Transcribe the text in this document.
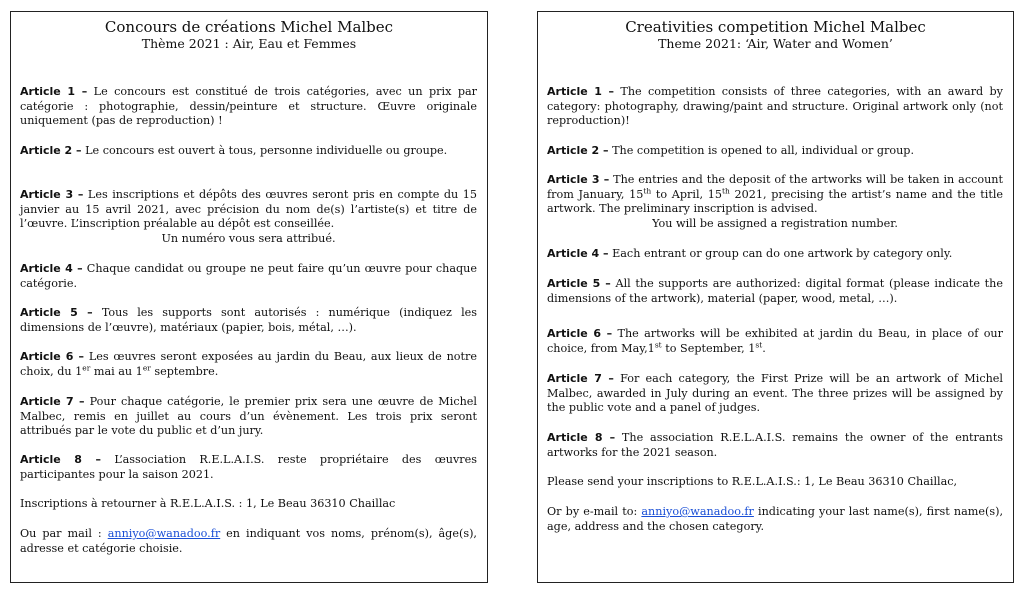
Concours de créations Michel Malbec
Thème 2021 : Air, Eau et Femmes

Article 1 – Le concours est constitué de trois catégories, avec un prix par catégorie : photographie, dessin/peinture et structure. Œuvre originale uniquement (pas de reproduction) !

Article 2 – Le concours est ouvert à tous, personne individuelle ou groupe.

Article 3 – Les inscriptions et dépôts des œuvres seront pris en compte du 15 janvier au 15 avril 2021, avec précision du nom de(s) l’artiste(s) et titre de l’œuvre. L’inscription préalable au dépôt est conseillée.
Un numéro vous sera attribué.

Article 4 – Chaque candidat ou groupe ne peut faire qu’un œuvre pour chaque catégorie.

Article 5 – Tous les supports sont autorisés : numérique (indiquez les dimensions de l’œuvre), matériaux (papier, bois, métal, …).

Article 6 – Les œuvres seront exposées au jardin du Beau, aux lieux de notre choix, du 1er mai au 1er septembre.

Article 7 – Pour chaque catégorie, le premier prix sera une œuvre de Michel Malbec, remis en juillet au cours d’un évènement. Les trois prix seront attribués par le vote du public et d’un jury.

Article 8 – L’association R.E.L.A.I.S. reste propriétaire des œuvres participantes pour la saison 2021.

Inscriptions à retourner à R.E.L.A.I.S. : 1, Le Beau 36310 Chaillac

Ou par mail : anniyo@wanadoo.fr en indiquant vos noms, prénom(s), âge(s), adresse et catégorie choisie.

Creativities competition Michel Malbec
Theme 2021: ‘Air, Water and Women’

Article 1 – The competition consists of three categories, with an award by category: photography, drawing/paint and structure. Original artwork only (not reproduction)!

Article 2 – The competition is opened to all, individual or group.

Article 3 – The entries and the deposit of the artworks will be taken in account from January, 15th to April, 15th 2021, precising the artist’s name and the title artwork. The preliminary inscription is advised.
You will be assigned a registration number.

Article 4 – Each entrant or group can do one artwork by category only.

Article 5 – All the supports are authorized: digital format (please indicate the dimensions of the artwork), material (paper, wood, metal, …).

Article 6 – The artworks will be exhibited at jardin du Beau, in place of our choice, from May,1st to September, 1st.

Article 7 – For each category, the First Prize will be an artwork of Michel Malbec, awarded in July during an event. The three prizes will be assigned by the public vote and a panel of judges.

Article 8 – The association R.E.L.A.I.S. remains the owner of the entrants artworks for the 2021 season.

Please send your inscriptions to R.E.L.A.I.S.: 1, Le Beau 36310 Chaillac,

Or by e-mail to: anniyo@wanadoo.fr indicating your last name(s), first name(s), age, address and the chosen category.
